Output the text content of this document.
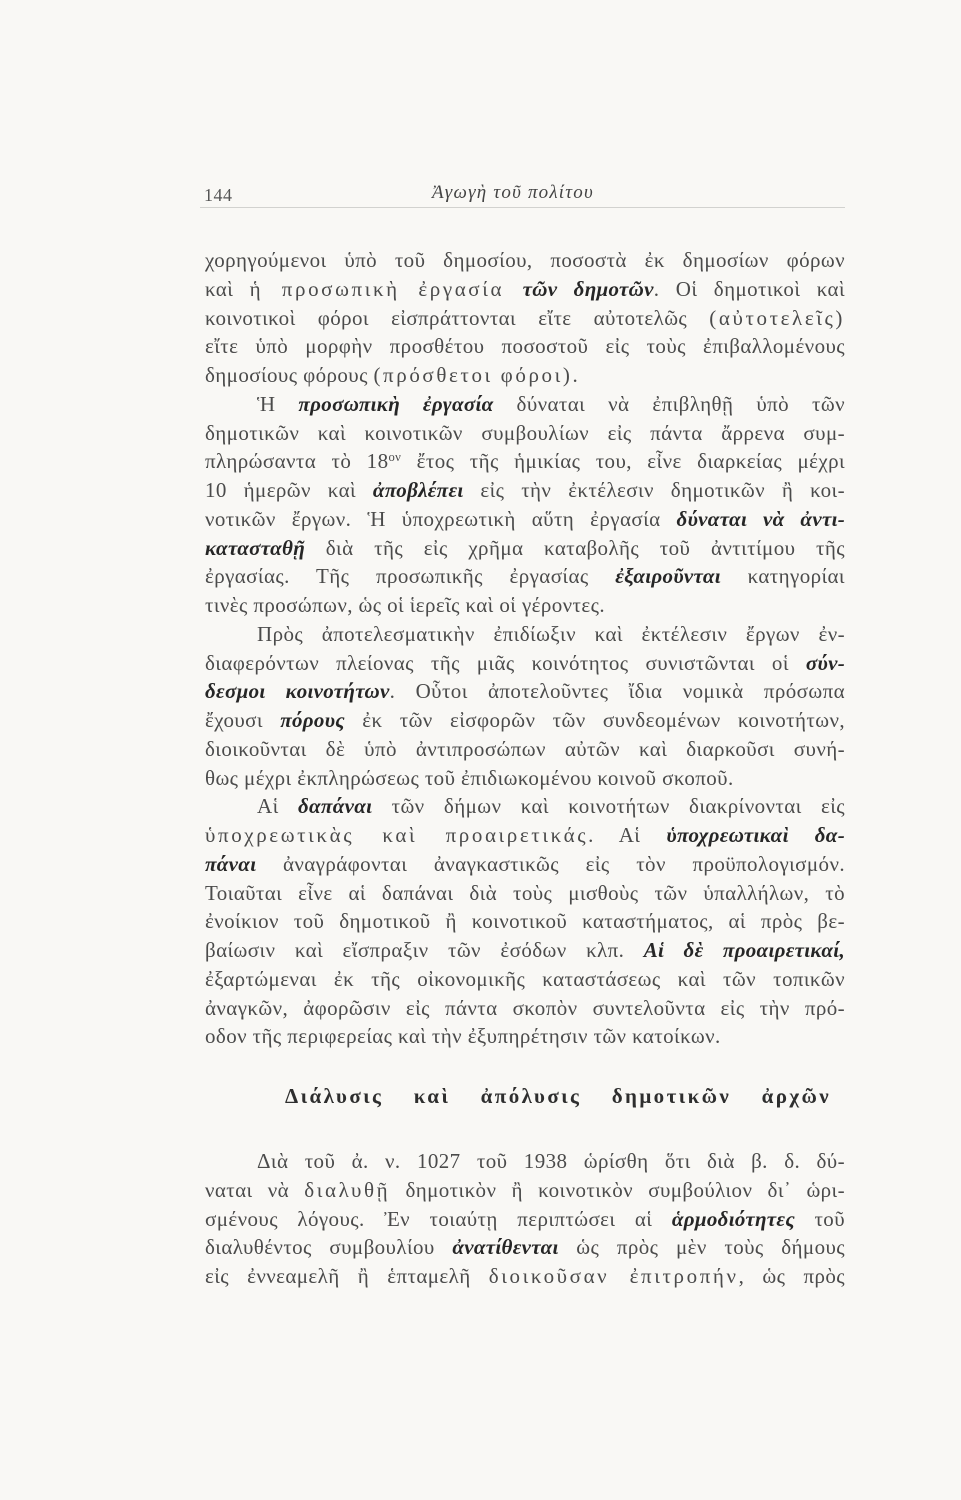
144	Ἀγωγὴ τοῦ πολίτου
χορηγούμενοι ὑπὸ τοῦ δημοσίου, ποσοστὰ ἐκ δημοσίων φόρων
καὶ ἡ προσωπικὴ ἐργασία τῶν δημοτῶν. Οἱ δημοτικοὶ καὶ
κοινοτικοὶ φόροι εἰσπράττονται εἴτε αὐτοτελῶς (αὐτοτελεῖς)
εἴτε ὑπὸ μορφὴν προσθέτου ποσοστοῦ εἰς τοὺς ἐπιβαλλομένους
δημοσίους φόρους (πρόσθετοι φόροι).
Ἡ προσωπικὴ ἐργασία δύναται νὰ ἐπιβληθῇ ὑπὸ τῶν
δημοτικῶν καὶ κοινοτικῶν συμβουλίων εἰς πάντα ἄρρενα συμ-
πληρώσαντα τὸ $18^{o\nu}$ ἔτος τῆς ἡμικίας του, εἶνε διαρκείας μέχρι
10 ἡμερῶν καὶ ἀποβλέπει εἰς τὴν ἐκτέλεσιν δημοτικῶν ἢ κοι-
νοτικῶν ἔργων. Ἡ ὑποχρεωτικὴ αὕτη ἐργασία δύναται νὰ ἀντι-
κατασταθῇ διὰ τῆς εἰς χρῆμα καταβολῆς τοῦ ἀντιτίμου τῆς
ἐργασίας. Τῆς προσωπικῆς ἐργασίας ἐξαιροῦνται κατηγορίαι
τινὲς προσώπων, ὡς οἱ ἱερεῖς καὶ οἱ γέροντες.
Πρὸς ἀποτελεσματικὴν ἐπιδίωξιν καὶ ἐκτέλεσιν ἔργων ἐν-
διαφερόντων πλείονας τῆς μιᾶς κοινότητος συνιστῶνται οἱ σύν-
δεσμοι κοινοτήτων. Οὗτοι ἀποτελοῦντες ἴδια νομικὰ πρόσωπα
ἔχουσι πόρους ἐκ τῶν εἰσφορῶν τῶν συνδεομένων κοινοτήτων,
διοικοῦνται δὲ ὑπὸ ἀντιπροσώπων αὐτῶν καὶ διαρκοῦσι συνή-
θως μέχρι ἐκπληρώσεως τοῦ ἐπιδιωκομένου κοινοῦ σκοποῦ.
Αἱ δαπάναι τῶν δήμων καὶ κοινοτήτων διακρίνονται εἰς
ὑποχρεωτικὰς καὶ προαιρετικάς. Αἱ ὑποχρεωτικαὶ δα-
πάναι ἀναγράφονται ἀναγκαστικῶς εἰς τὸν προϋπολογισμόν.
Τοιαῦται εἶνε αἱ δαπάναι διὰ τοὺς μισθοὺς τῶν ὑπαλλήλων, τὸ
ἐνοίκιον τοῦ δημοτικοῦ ἢ κοινοτικοῦ καταστήματος, αἱ πρὸς βε-
βαίωσιν καὶ εἴσπραξιν τῶν ἐσόδων κλπ. Αἱ δὲ προαιρετικαί,
ἐξαρτώμεναι ἐκ τῆς οἰκονομικῆς καταστάσεως καὶ τῶν τοπικῶν
ἀναγκῶν, ἀφορῶσιν εἰς πάντα σκοπὸν συντελοῦντα εἰς τὴν πρό-
οδον τῆς περιφερείας καὶ τὴν ἐξυπηρέτησιν τῶν κατοίκων.
Διάλυσις καὶ ἀπόλυσις δημοτικῶν ἀρχῶν
Διὰ τοῦ ἀ. ν. 1027 τοῦ 1938 ὡρίσθη ὅτι διὰ β. δ. δύ-
ναται νὰ διαλυθῇ δημοτικὸν ἢ κοινοτικὸν συμβούλιον δι᾿ ὡρι-
σμένους λόγους. Ἐν τοιαύτῃ περιπτώσει αἱ ἁρμοδιότητες τοῦ
διαλυθέντος συμβουλίου ἀνατίθενται ὡς πρὸς μὲν τοὺς δήμους
εἰς ἐννεαμελῆ ἢ ἑπταμελῆ διοικοῦσαν ἐπιτροπήν, ὡς πρὸς
